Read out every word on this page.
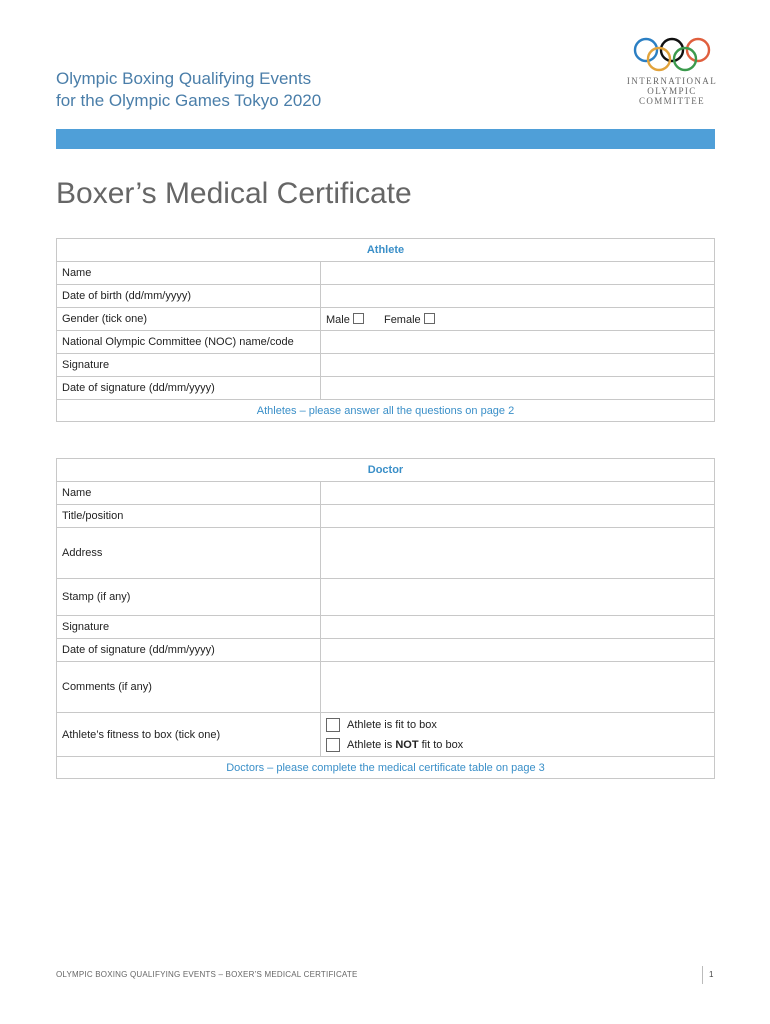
Olympic Boxing Qualifying Events
for the Olympic Games Tokyo 2020
INTERNATIONAL
OLYMPIC
COMMITTEE
Boxer’s Medical Certificate
Athlete	
Name	
Date of birth (dd/mm/yyyy)	
Gender (tick one)	Male Female
National Olympic Committee (NOC) name/code	
Signature	
Date of signature (dd/mm/yyyy)	
Athletes – please answer all the questions on page 2	
Doctor	
Name	
Title/position	
Address	
Stamp (if any)	
Signature	
Date of signature (dd/mm/yyyy)	
Comments (if any)	
Athlete’s fitness to box (tick one)	Athlete is fit to box
Athlete is NOT fit to box

Doctors – please complete the medical certificate table on page 3	
OLYMPIC BOXING QUALIFYING EVENTS – BOXER’S MEDICAL CERTIFICATE	1
